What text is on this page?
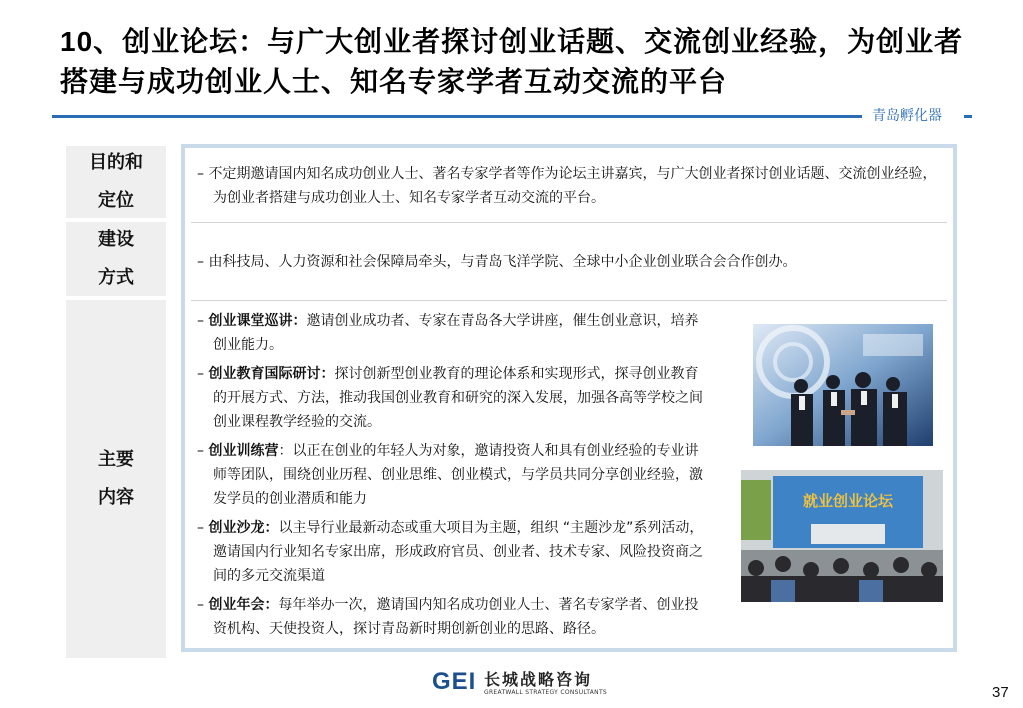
10、创业论坛：与广大创业者探讨创业话题、交流创业经验，为创业者搭建与成功创业人士、知名专家学者互动交流的平台
青岛孵化器
目的和
定位
建设
方式
主要
内容

– 不定期邀请国内知名成功创业人士、著名专家学者等作为论坛主讲嘉宾，与广大创业者探讨创业话题、交流创业经验，为创业者搭建与成功创业人士、知名专家学者互动交流的平台。

– 由科技局、人力资源和社会保障局牵头，与青岛飞洋学院、全球中小企业创业联合会合作创办。

– 创业课堂巡讲：邀请创业成功者、专家在青岛各大学讲座，催生创业意识，培养创业能力。

– 创业教育国际研讨：探讨创新型创业教育的理论体系和实现形式，探寻创业教育的开展方式、方法，推动我国创业教育和研究的深入发展，加强各高等学校之间创业课程教学经验的交流。

– 创业训练营：以正在创业的年轻人为对象，邀请投资人和具有创业经验的专业讲师等团队，围绕创业历程、创业思维、创业模式，与学员共同分享创业经验，激发学员的创业潜质和能力

– 创业沙龙：以主导行业最新动态或重大项目为主题，组织 “主题沙龙”系列活动，邀请国内行业知名专家出席，形成政府官员、创业者、技术专家、风险投资商之间的多元交流渠道

– 创业年会：每年举办一次，邀请国内知名成功创业人士、著名专家学者、创业投资机构、天使投资人，探讨青岛新时期创新创业的思路、路径。

就业创业论坛
GEI 长城战略咨询
GREATWALL STRATEGY CONSULTANTS	37
